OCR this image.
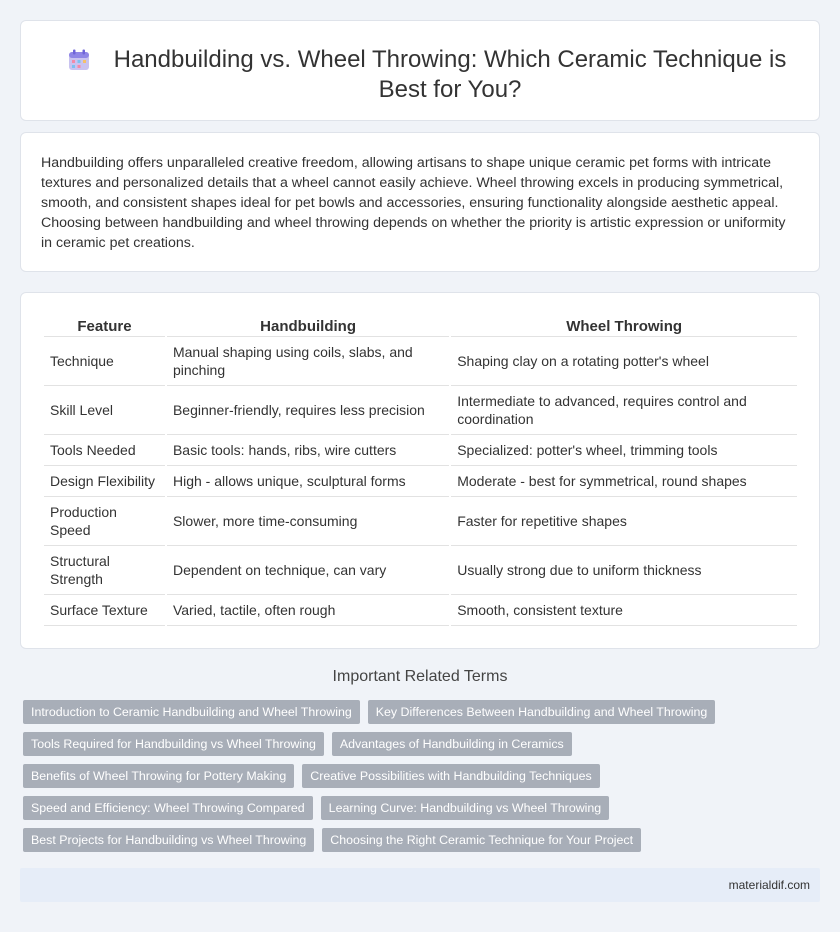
Handbuilding vs. Wheel Throwing: Which Ceramic Technique is Best for You?

Handbuilding offers unparalleled creative freedom, allowing artisans to shape unique ceramic pet forms with intricate textures and personalized details that a wheel cannot easily achieve. Wheel throwing excels in producing symmetrical, smooth, and consistent shapes ideal for pet bowls and accessories, ensuring functionality alongside aesthetic appeal. Choosing between handbuilding and wheel throwing depends on whether the priority is artistic expression or uniformity in ceramic pet creations.

Feature	Handbuilding	Wheel Throwing
Technique	Manual shaping using coils, slabs, and pinching	Shaping clay on a rotating potter's wheel
Skill Level	Beginner-friendly, requires less precision	Intermediate to advanced, requires control and coordination
Tools Needed	Basic tools: hands, ribs, wire cutters	Specialized: potter's wheel, trimming tools
Design Flexibility	High - allows unique, sculptural forms	Moderate - best for symmetrical, round shapes
Production Speed	Slower, more time-consuming	Faster for repetitive shapes
Structural Strength	Dependent on technique, can vary	Usually strong due to uniform thickness
Surface Texture	Varied, tactile, often rough	Smooth, consistent texture
Important Related Terms
Introduction to Ceramic Handbuilding and Wheel Throwing	Key Differences Between Handbuilding and Wheel Throwing
Tools Required for Handbuilding vs Wheel Throwing	Advantages of Handbuilding in Ceramics
Benefits of Wheel Throwing for Pottery Making	Creative Possibilities with Handbuilding Techniques
Speed and Efficiency: Wheel Throwing Compared	Learning Curve: Handbuilding vs Wheel Throwing
Best Projects for Handbuilding vs Wheel Throwing	Choosing the Right Ceramic Technique for Your Project
materialdif.com
